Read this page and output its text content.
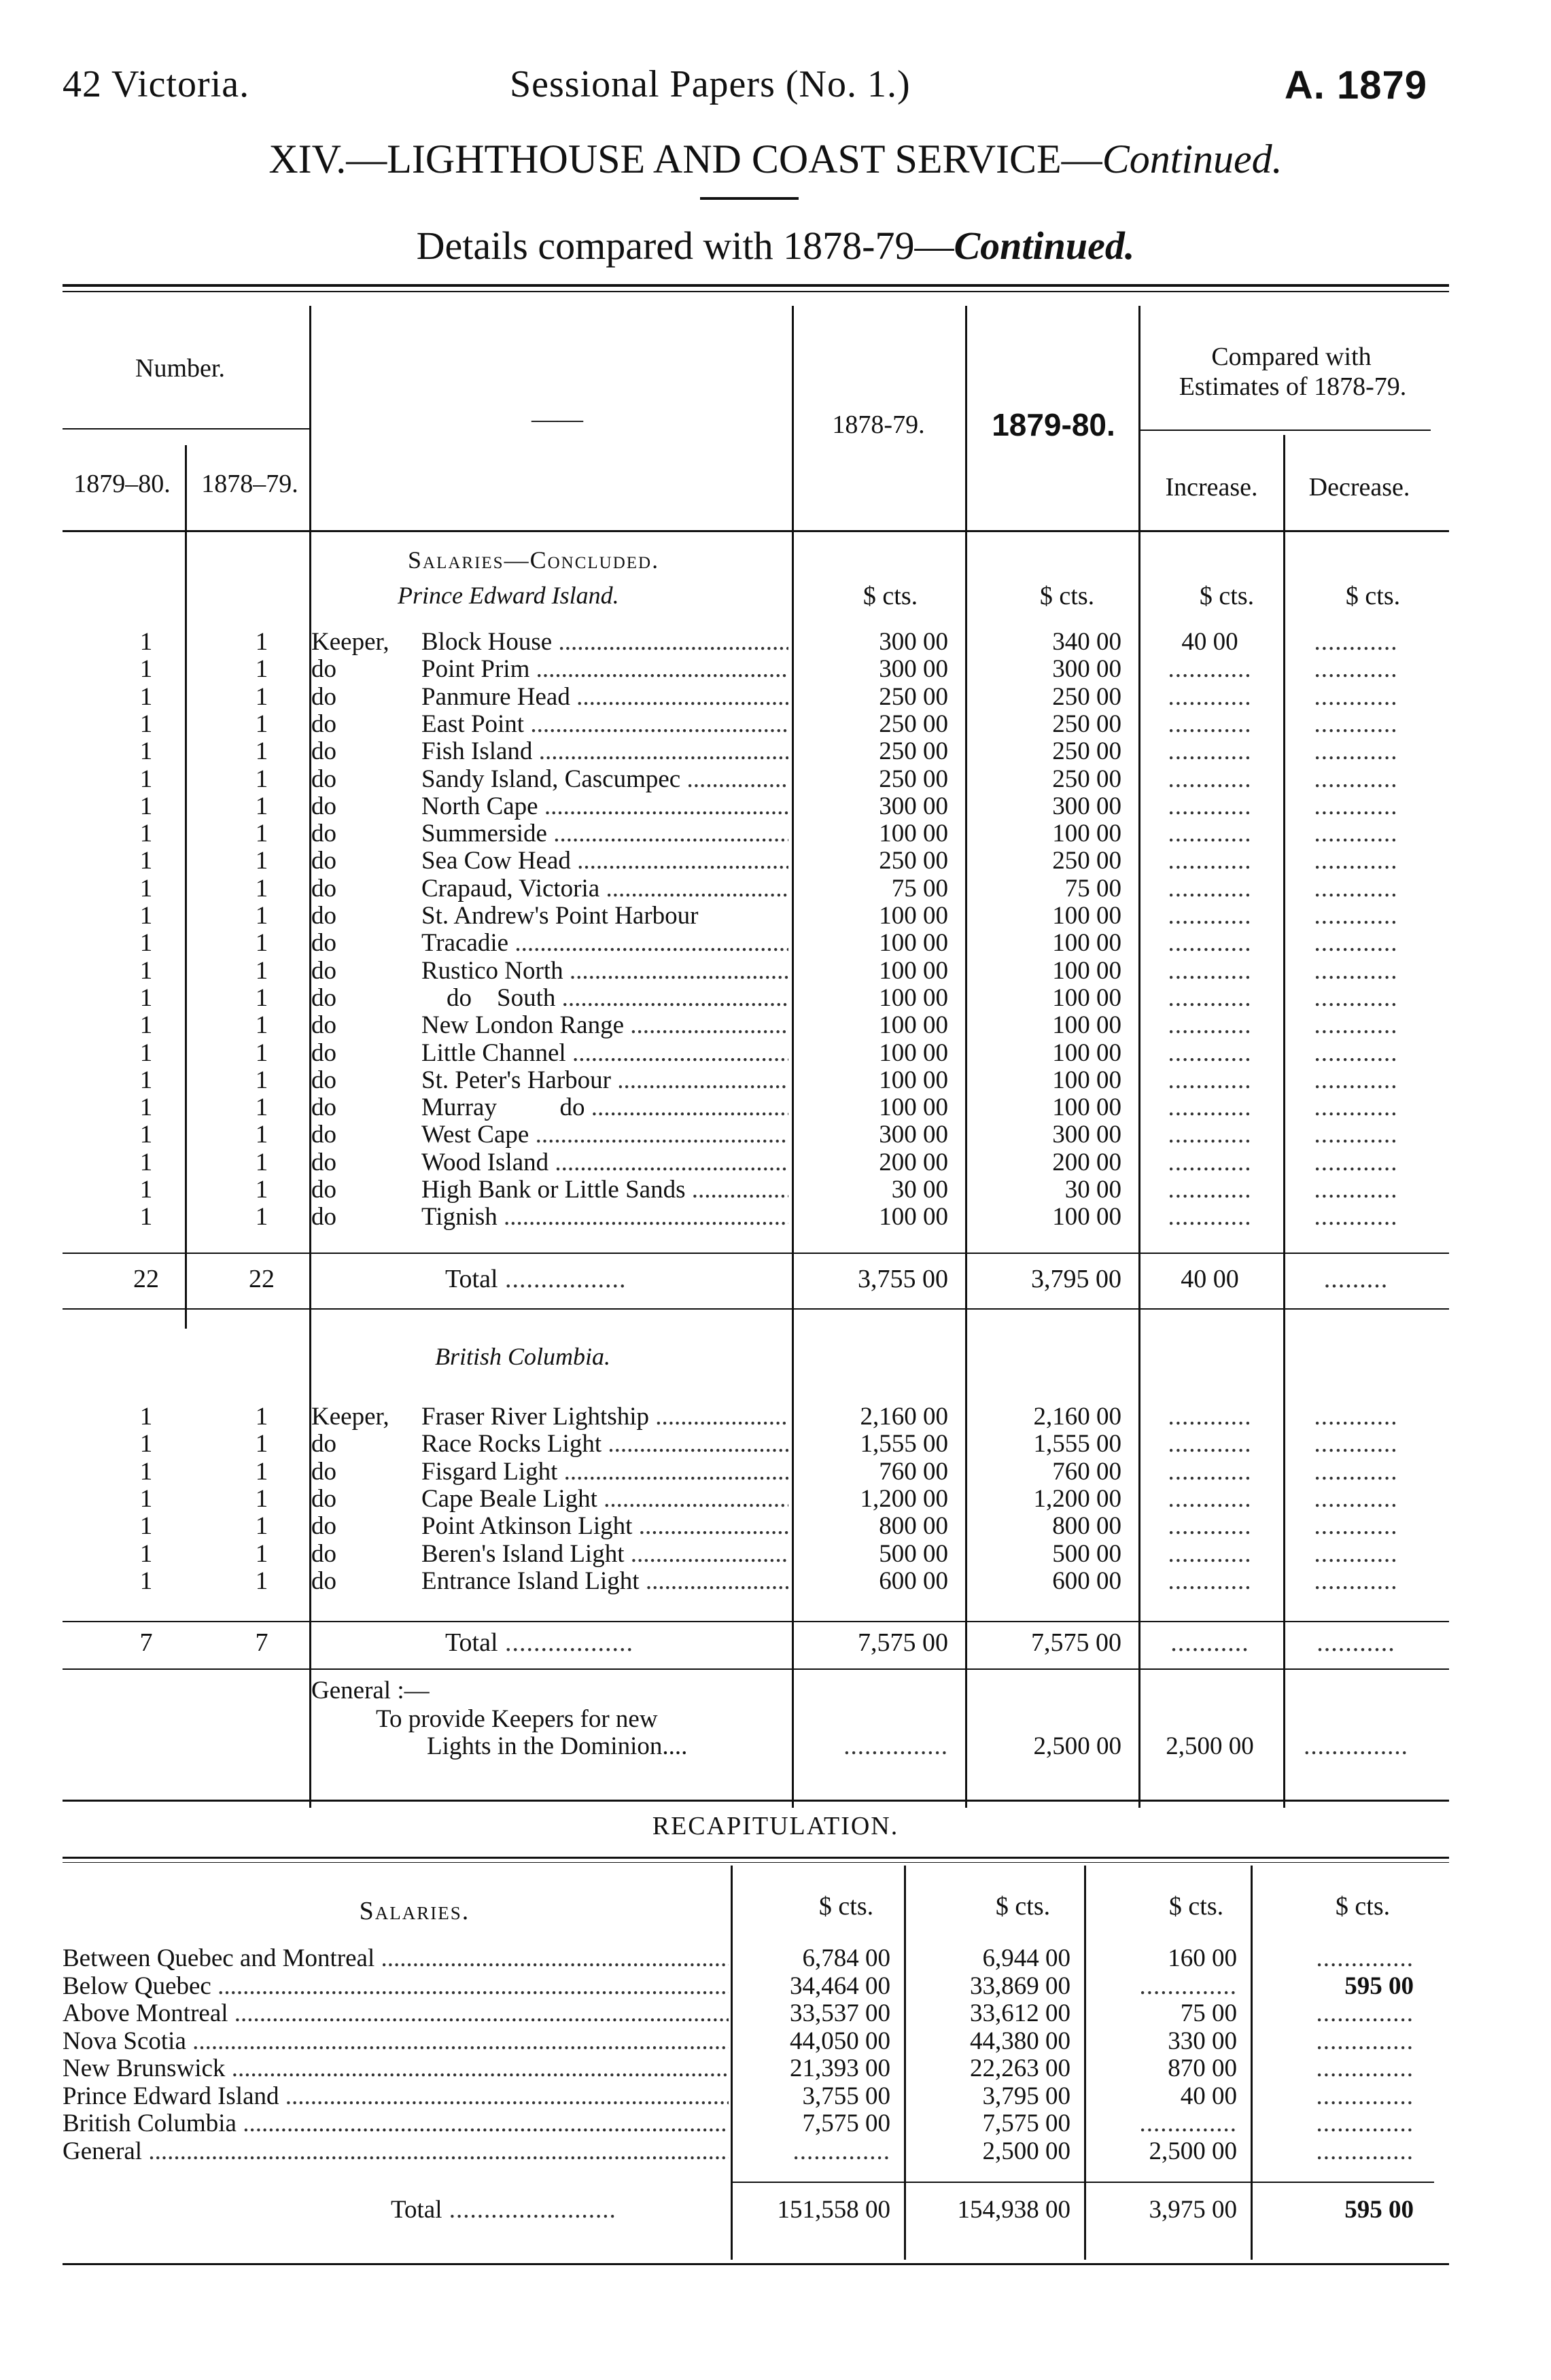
42 Victoria.	Sessional Papers (No. 1.)	A. 1879
XIV.—LIGHTHOUSE AND COAST SERVICE—Continued.
Details compared with 1878-79—Continued.
Number.
1879–80.	1878–79.
——	1878-79.	1879-80.
Compared with
Estimates of 1878-79.
Increase.	Decrease.
Salaries—Concluded.
Prince Edward Island.	$ cts.	$ cts.	$ cts.	$ cts.
1	1	Keeper, Block House .....	300 00	340 00	40 00	............
1	1	do	Point Prim .....	300 00	300 00	............	............
1	1	do	Panmure Head .....	250 00	250 00	............	............
1	1	do	East Point .....	250 00	250 00	............	............
1	1	do	Fish Island .....	250 00	250 00	............	............
1	1	do	Sandy Island, Cascumpec .....	250 00	250 00	............	............
1	1	do	North Cape .....	300 00	300 00	............	............
1	1	do	Summerside .....	100 00	100 00	............	............
1	1	do	Sea Cow Head .....	250 00	250 00	............	............
1	1	do	Crapaud, Victoria .....	75 00	75 00	............	............
1	1	do	St. Andrew's Point Harbour	100 00	100 00	............	............
1	1	do	Tracadie .....	100 00	100 00	............	............
1	1	do	Rustico North .....	100 00	100 00	............	............
1	1	do	do    South .....	100 00	100 00	............	............
1	1	do	New London Range .....	100 00	100 00	............	............
1	1	do	Little Channel .....	100 00	100 00	............	............
1	1	do	St. Peter's Harbour .....	100 00	100 00	............	............
1	1	do	Murray          do .....	100 00	100 00	............	............
1	1	do	West Cape .....	300 00	300 00	............	............
1	1	do	Wood Island .....	200 00	200 00	............	............
1	1	do	High Bank or Little Sands .....	30 00	30 00	............	............
1	1	do	Tignish .....	100 00	100 00	............	............
22	22	Total .................	3,755 00	3,795 00	40 00	.........
British Columbia.
1	1	Keeper, Fraser River Lightship .....	2,160 00	2,160 00	............	............
1	1	do	Race Rocks Light .....	1,555 00	1,555 00	............	............
1	1	do	Fisgard Light .....	760 00	760 00	............	............
1	1	do	Cape Beale Light .....	1,200 00	1,200 00	............	............
1	1	do	Point Atkinson Light .....	800 00	800 00	............	............
1	1	do	Beren's Island Light .....	500 00	500 00	............	............
1	1	do	Entrance Island Light .....	600 00	600 00	............	............
7	7	Total ..................	7,575 00	7,575 00	...........	...........
General :—
To provide Keepers for new
Lights in the Dominion....	...............	2,500 00	2,500 00	...............
RECAPITULATION.
Salaries.	$ cts.	$ cts.	$ cts.	$ cts.
Between Quebec and Montreal .....	6,784 00	6,944 00	160 00	..............
Below Quebec .....	34,464 00	33,869 00	..............	595 00
Above Montreal .....	33,537 00	33,612 00	75 00	..............
Nova Scotia .....	44,050 00	44,380 00	330 00	..............
New Brunswick .....	21,393 00	22,263 00	870 00	..............
Prince Edward Island .....	3,755 00	3,795 00	40 00	..............
British Columbia .....	7,575 00	7,575 00	..............	..............
General .....	..............	2,500 00	2,500 00	..............
Total ........................	151,558 00	154,938 00	3,975 00	595 00
